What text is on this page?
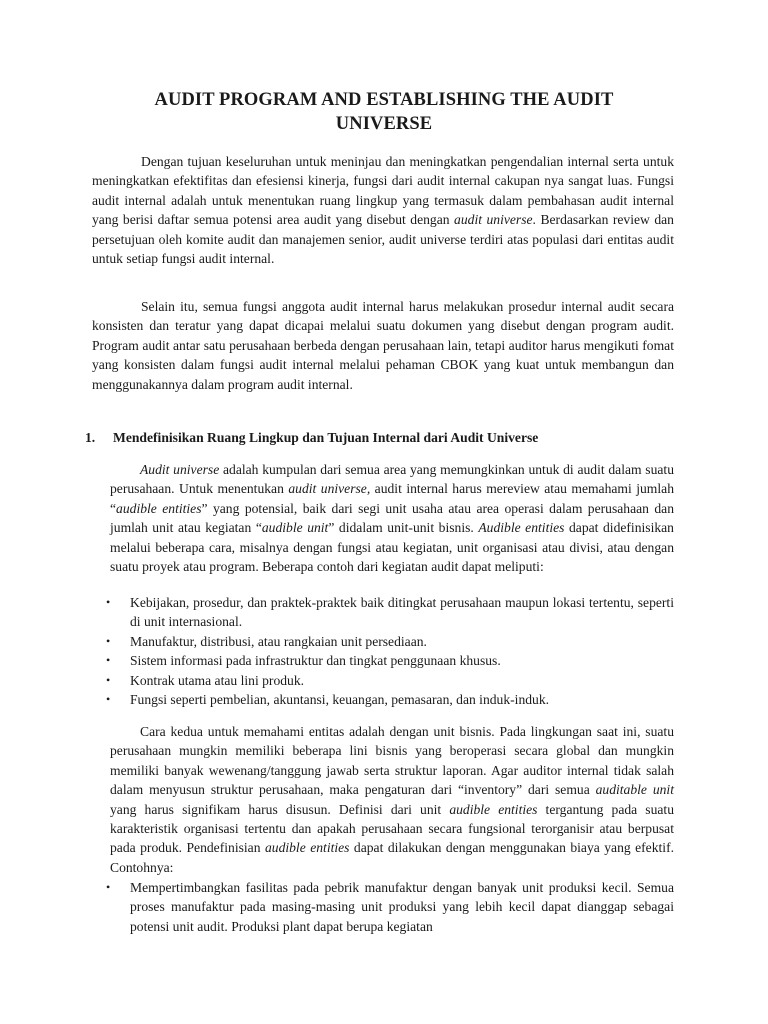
AUDIT PROGRAM AND ESTABLISHING THE AUDIT UNIVERSE

Dengan tujuan keseluruhan untuk meninjau dan meningkatkan pengendalian internal serta untuk meningkatkan efektifitas dan efesiensi kinerja, fungsi dari audit internal cakupan nya sangat luas. Fungsi audit internal adalah untuk menentukan ruang lingkup yang termasuk dalam pembahasan audit internal yang berisi daftar semua potensi area audit yang disebut dengan audit universe. Berdasarkan review dan persetujuan oleh komite audit dan manajemen senior, audit universe terdiri atas populasi dari entitas audit untuk setiap fungsi audit internal.

Selain itu, semua fungsi anggota audit internal harus melakukan prosedur internal audit secara konsisten dan teratur yang dapat dicapai melalui suatu dokumen yang disebut dengan program audit. Program audit antar satu perusahaan berbeda dengan perusahaan lain, tetapi auditor harus mengikuti fomat yang konsisten dalam fungsi audit internal melalui pehaman CBOK yang kuat untuk membangun dan menggunakannya dalam program audit internal.

1. Mendefinisikan Ruang Lingkup dan Tujuan Internal dari Audit Universe

Audit universe adalah kumpulan dari semua area yang memungkinkan untuk di audit dalam suatu perusahaan. Untuk menentukan audit universe, audit internal harus mereview atau memahami jumlah “audible entities” yang potensial, baik dari segi unit usaha atau area operasi dalam perusahaan dan jumlah unit atau kegiatan “audible unit” didalam unit-unit bisnis. Audible entities dapat didefinisikan melalui beberapa cara, misalnya dengan fungsi atau kegiatan, unit organisasi atau divisi, atau dengan suatu proyek atau program. Beberapa contoh dari kegiatan audit dapat meliputi:

• Kebijakan, prosedur, dan praktek-praktek baik ditingkat perusahaan maupun lokasi tertentu, seperti di unit internasional.
• Manufaktur, distribusi, atau rangkaian unit persediaan.
• Sistem informasi pada infrastruktur dan tingkat penggunaan khusus.
• Kontrak utama atau lini produk.
• Fungsi seperti pembelian, akuntansi, keuangan, pemasaran, dan induk-induk.

Cara kedua untuk memahami entitas adalah dengan unit bisnis. Pada lingkungan saat ini, suatu perusahaan mungkin memiliki beberapa lini bisnis yang beroperasi secara global dan mungkin memiliki banyak wewenang/tanggung jawab serta struktur laporan. Agar auditor internal tidak salah dalam menyusun struktur perusahaan, maka pengaturan dari “inventory” dari semua auditable unit yang harus signifikam harus disusun. Definisi dari unit audible entities tergantung pada suatu karakteristik organisasi tertentu dan apakah perusahaan secara fungsional terorganisir atau berpusat pada produk. Pendefinisian audible entities dapat dilakukan dengan menggunakan biaya yang efektif. Contohnya:

• Mempertimbangkan fasilitas pada pebrik manufaktur dengan banyak unit produksi kecil. Semua proses manufaktur pada masing-masing unit produksi yang lebih kecil dapat dianggap sebagai potensi unit audit. Produksi plant dapat berupa kegiatan
